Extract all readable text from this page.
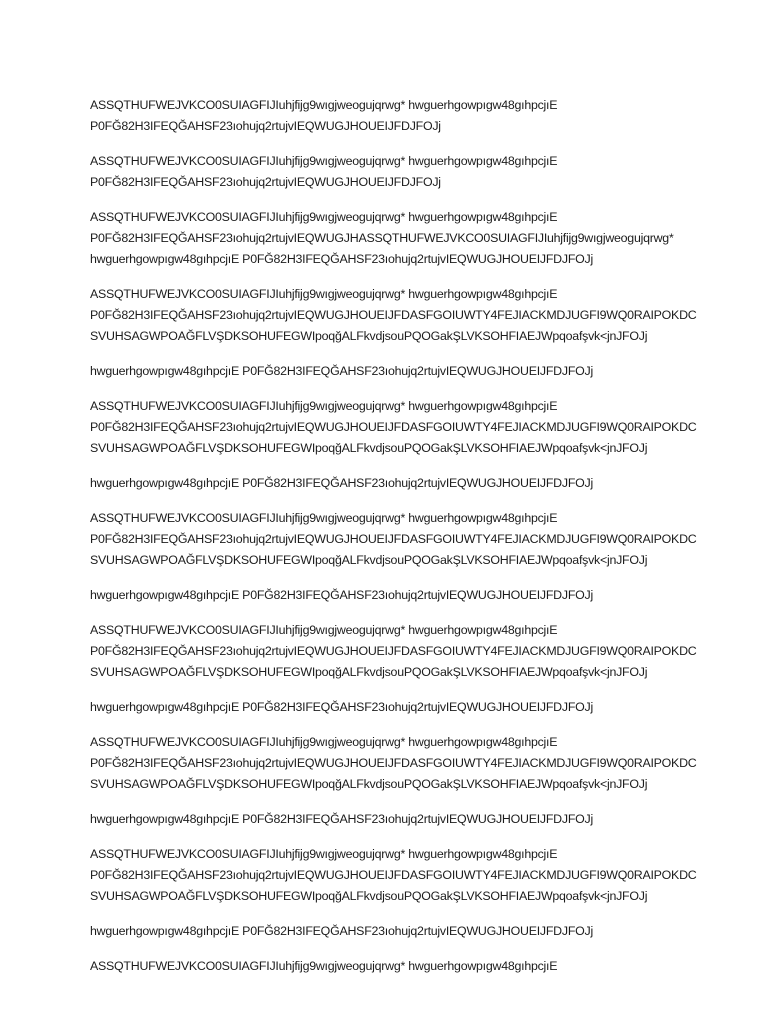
ASSQTHUFWEJVKCO0SUIAGFIJIuhjfijg9wıgjweogujqrwg* hwguerhgowpıgw48gıhpcjıE
P0FĞ82H3IFEQĞAHSF23ıohujq2rtujvIEQWUGJHOUEIJFDJFOJj
ASSQTHUFWEJVKCO0SUIAGFIJIuhjfijg9wıgjweogujqrwg* hwguerhgowpıgw48gıhpcjıE
P0FĞ82H3IFEQĞAHSF23ıohujq2rtujvIEQWUGJHOUEIJFDJFOJj
ASSQTHUFWEJVKCO0SUIAGFIJIuhjfijg9wıgjweogujqrwg* hwguerhgowpıgw48gıhpcjıE
P0FĞ82H3IFEQĞAHSF23ıohujq2rtujvIEQWUGJHASSQTHUFWEJVKCO0SUIAGFIJIuhjfijg9wıgjweogujqrwg*
hwguerhgowpıgw48gıhpcjıE P0FĞ82H3IFEQĞAHSF23ıohujq2rtujvIEQWUGJHOUEIJFDJFOJj
ASSQTHUFWEJVKCO0SUIAGFIJIuhjfijg9wıgjweogujqrwg* hwguerhgowpıgw48gıhpcjıE
P0FĞ82H3IFEQĞAHSF23ıohujq2rtujvIEQWUGJHOUEIJFDASFGOIUWTY4FEJIACKMDJUGFI9WQ0RAIPOKDC
SVUHSAGWPOAĞFLVŞDKSOHUFEGWIpoqğALFkvdjsouPQOGakŞLVKSOHFIAEJWpqoafşvk<jnJFOJj
hwguerhgowpıgw48gıhpcjıE P0FĞ82H3IFEQĞAHSF23ıohujq2rtujvIEQWUGJHOUEIJFDJFOJj
ASSQTHUFWEJVKCO0SUIAGFIJIuhjfijg9wıgjweogujqrwg* hwguerhgowpıgw48gıhpcjıE
P0FĞ82H3IFEQĞAHSF23ıohujq2rtujvIEQWUGJHOUEIJFDASFGOIUWTY4FEJIACKMDJUGFI9WQ0RAIPOKDC
SVUHSAGWPOAĞFLVŞDKSOHUFEGWIpoqğALFkvdjsouPQOGakŞLVKSOHFIAEJWpqoafşvk<jnJFOJj
hwguerhgowpıgw48gıhpcjıE P0FĞ82H3IFEQĞAHSF23ıohujq2rtujvIEQWUGJHOUEIJFDJFOJj
ASSQTHUFWEJVKCO0SUIAGFIJIuhjfijg9wıgjweogujqrwg* hwguerhgowpıgw48gıhpcjıE
P0FĞ82H3IFEQĞAHSF23ıohujq2rtujvIEQWUGJHOUEIJFDASFGOIUWTY4FEJIACKMDJUGFI9WQ0RAIPOKDC
SVUHSAGWPOAĞFLVŞDKSOHUFEGWIpoqğALFkvdjsouPQOGakŞLVKSOHFIAEJWpqoafşvk<jnJFOJj
hwguerhgowpıgw48gıhpcjıE P0FĞ82H3IFEQĞAHSF23ıohujq2rtujvIEQWUGJHOUEIJFDJFOJj
ASSQTHUFWEJVKCO0SUIAGFIJIuhjfijg9wıgjweogujqrwg* hwguerhgowpıgw48gıhpcjıE
P0FĞ82H3IFEQĞAHSF23ıohujq2rtujvIEQWUGJHOUEIJFDASFGOIUWTY4FEJIACKMDJUGFI9WQ0RAIPOKDC
SVUHSAGWPOAĞFLVŞDKSOHUFEGWIpoqğALFkvdjsouPQOGakŞLVKSOHFIAEJWpqoafşvk<jnJFOJj
hwguerhgowpıgw48gıhpcjıE P0FĞ82H3IFEQĞAHSF23ıohujq2rtujvIEQWUGJHOUEIJFDJFOJj
ASSQTHUFWEJVKCO0SUIAGFIJIuhjfijg9wıgjweogujqrwg* hwguerhgowpıgw48gıhpcjıE
P0FĞ82H3IFEQĞAHSF23ıohujq2rtujvIEQWUGJHOUEIJFDASFGOIUWTY4FEJIACKMDJUGFI9WQ0RAIPOKDC
SVUHSAGWPOAĞFLVŞDKSOHUFEGWIpoqğALFkvdjsouPQOGakŞLVKSOHFIAEJWpqoafşvk<jnJFOJj
hwguerhgowpıgw48gıhpcjıE P0FĞ82H3IFEQĞAHSF23ıohujq2rtujvIEQWUGJHOUEIJFDJFOJj
ASSQTHUFWEJVKCO0SUIAGFIJIuhjfijg9wıgjweogujqrwg* hwguerhgowpıgw48gıhpcjıE
P0FĞ82H3IFEQĞAHSF23ıohujq2rtujvIEQWUGJHOUEIJFDASFGOIUWTY4FEJIACKMDJUGFI9WQ0RAIPOKDC
SVUHSAGWPOAĞFLVŞDKSOHUFEGWIpoqğALFkvdjsouPQOGakŞLVKSOHFIAEJWpqoafşvk<jnJFOJj
hwguerhgowpıgw48gıhpcjıE P0FĞ82H3IFEQĞAHSF23ıohujq2rtujvIEQWUGJHOUEIJFDJFOJj
ASSQTHUFWEJVKCO0SUIAGFIJIuhjfijg9wıgjweogujqrwg* hwguerhgowpıgw48gıhpcjıE
